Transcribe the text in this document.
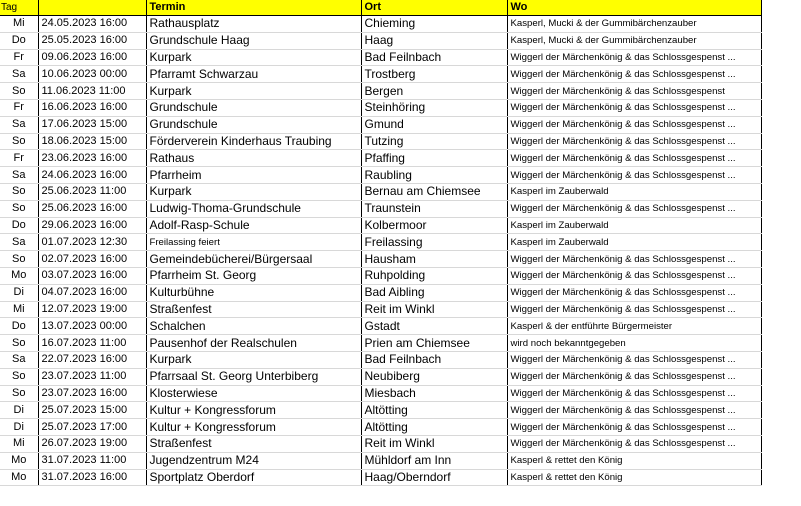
Tag		Termin	Ort	Wo
Mi	24.05.2023 16:00	Rathausplatz	Chieming	Kasperl, Mucki & der Gummibärchenzauber
Do	25.05.2023 16:00	Grundschule Haag	Haag	Kasperl, Mucki & der Gummibärchenzauber
Fr	09.06.2023 16:00	Kurpark	Bad Feilnbach	Wiggerl der Märchenkönig & das Schlossgespenst ...
Sa	10.06.2023 00:00	Pfarramt Schwarzau	Trostberg	Wiggerl der Märchenkönig & das Schlossgespenst ...
So	11.06.2023 11:00	Kurpark	Bergen	Wiggerl der Märchenkönig & das Schlossgespenst
Fr	16.06.2023 16:00	Grundschule	Steinhöring	Wiggerl der Märchenkönig & das Schlossgespenst ...
Sa	17.06.2023 15:00	Grundschule	Gmund	Wiggerl der Märchenkönig & das Schlossgespenst ...
So	18.06.2023 15:00	Förderverein Kinderhaus Traubing	Tutzing	Wiggerl der Märchenkönig & das Schlossgespenst ...
Fr	23.06.2023 16:00	Rathaus	Pfaffing	Wiggerl der Märchenkönig & das Schlossgespenst ...
Sa	24.06.2023 16:00	Pfarrheim	Raubling	Wiggerl der Märchenkönig & das Schlossgespenst ...
So	25.06.2023 11:00	Kurpark	Bernau am Chiemsee	Kasperl im Zauberwald
So	25.06.2023 16:00	Ludwig-Thoma-Grundschule	Traunstein	Wiggerl der Märchenkönig & das Schlossgespenst ...
Do	29.06.2023 16:00	Adolf-Rasp-Schule	Kolbermoor	Kasperl im Zauberwald
Sa	01.07.2023 12:30	Freilassing feiert	Freilassing	Kasperl im Zauberwald
So	02.07.2023 16:00	Gemeindebücherei/Bürgersaal	Hausham	Wiggerl der Märchenkönig & das Schlossgespenst ...
Mo	03.07.2023 16:00	Pfarrheim St. Georg	Ruhpolding	Wiggerl der Märchenkönig & das Schlossgespenst ...
Di	04.07.2023 16:00	Kulturbühne	Bad Aibling	Wiggerl der Märchenkönig & das Schlossgespenst ...
Mi	12.07.2023 19:00	Straßenfest	Reit im Winkl	Wiggerl der Märchenkönig & das Schlossgespenst ...
Do	13.07.2023 00:00	Schalchen	Gstadt	Kasperl & der entführte Bürgermeister
So	16.07.2023 11:00	Pausenhof der Realschulen	Prien am Chiemsee	wird noch bekanntgegeben
Sa	22.07.2023 16:00	Kurpark	Bad Feilnbach	Wiggerl der Märchenkönig & das Schlossgespenst ...
So	23.07.2023 11:00	Pfarrsaal St. Georg Unterbiberg	Neubiberg	Wiggerl der Märchenkönig & das Schlossgespenst ...
So	23.07.2023 16:00	Klosterwiese	Miesbach	Wiggerl der Märchenkönig & das Schlossgespenst ...
Di	25.07.2023 15:00	Kultur + Kongressforum	Altötting	Wiggerl der Märchenkönig & das Schlossgespenst ...
Di	25.07.2023 17:00	Kultur + Kongressforum	Altötting	Wiggerl der Märchenkönig & das Schlossgespenst ...
Mi	26.07.2023 19:00	Straßenfest	Reit im Winkl	Wiggerl der Märchenkönig & das Schlossgespenst ...
Mo	31.07.2023 11:00	Jugendzentrum M24	Mühldorf am Inn	Kasperl & rettet den König
Mo	31.07.2023 16:00	Sportplatz Oberdorf	Haag/Oberndorf	Kasperl & rettet den König
